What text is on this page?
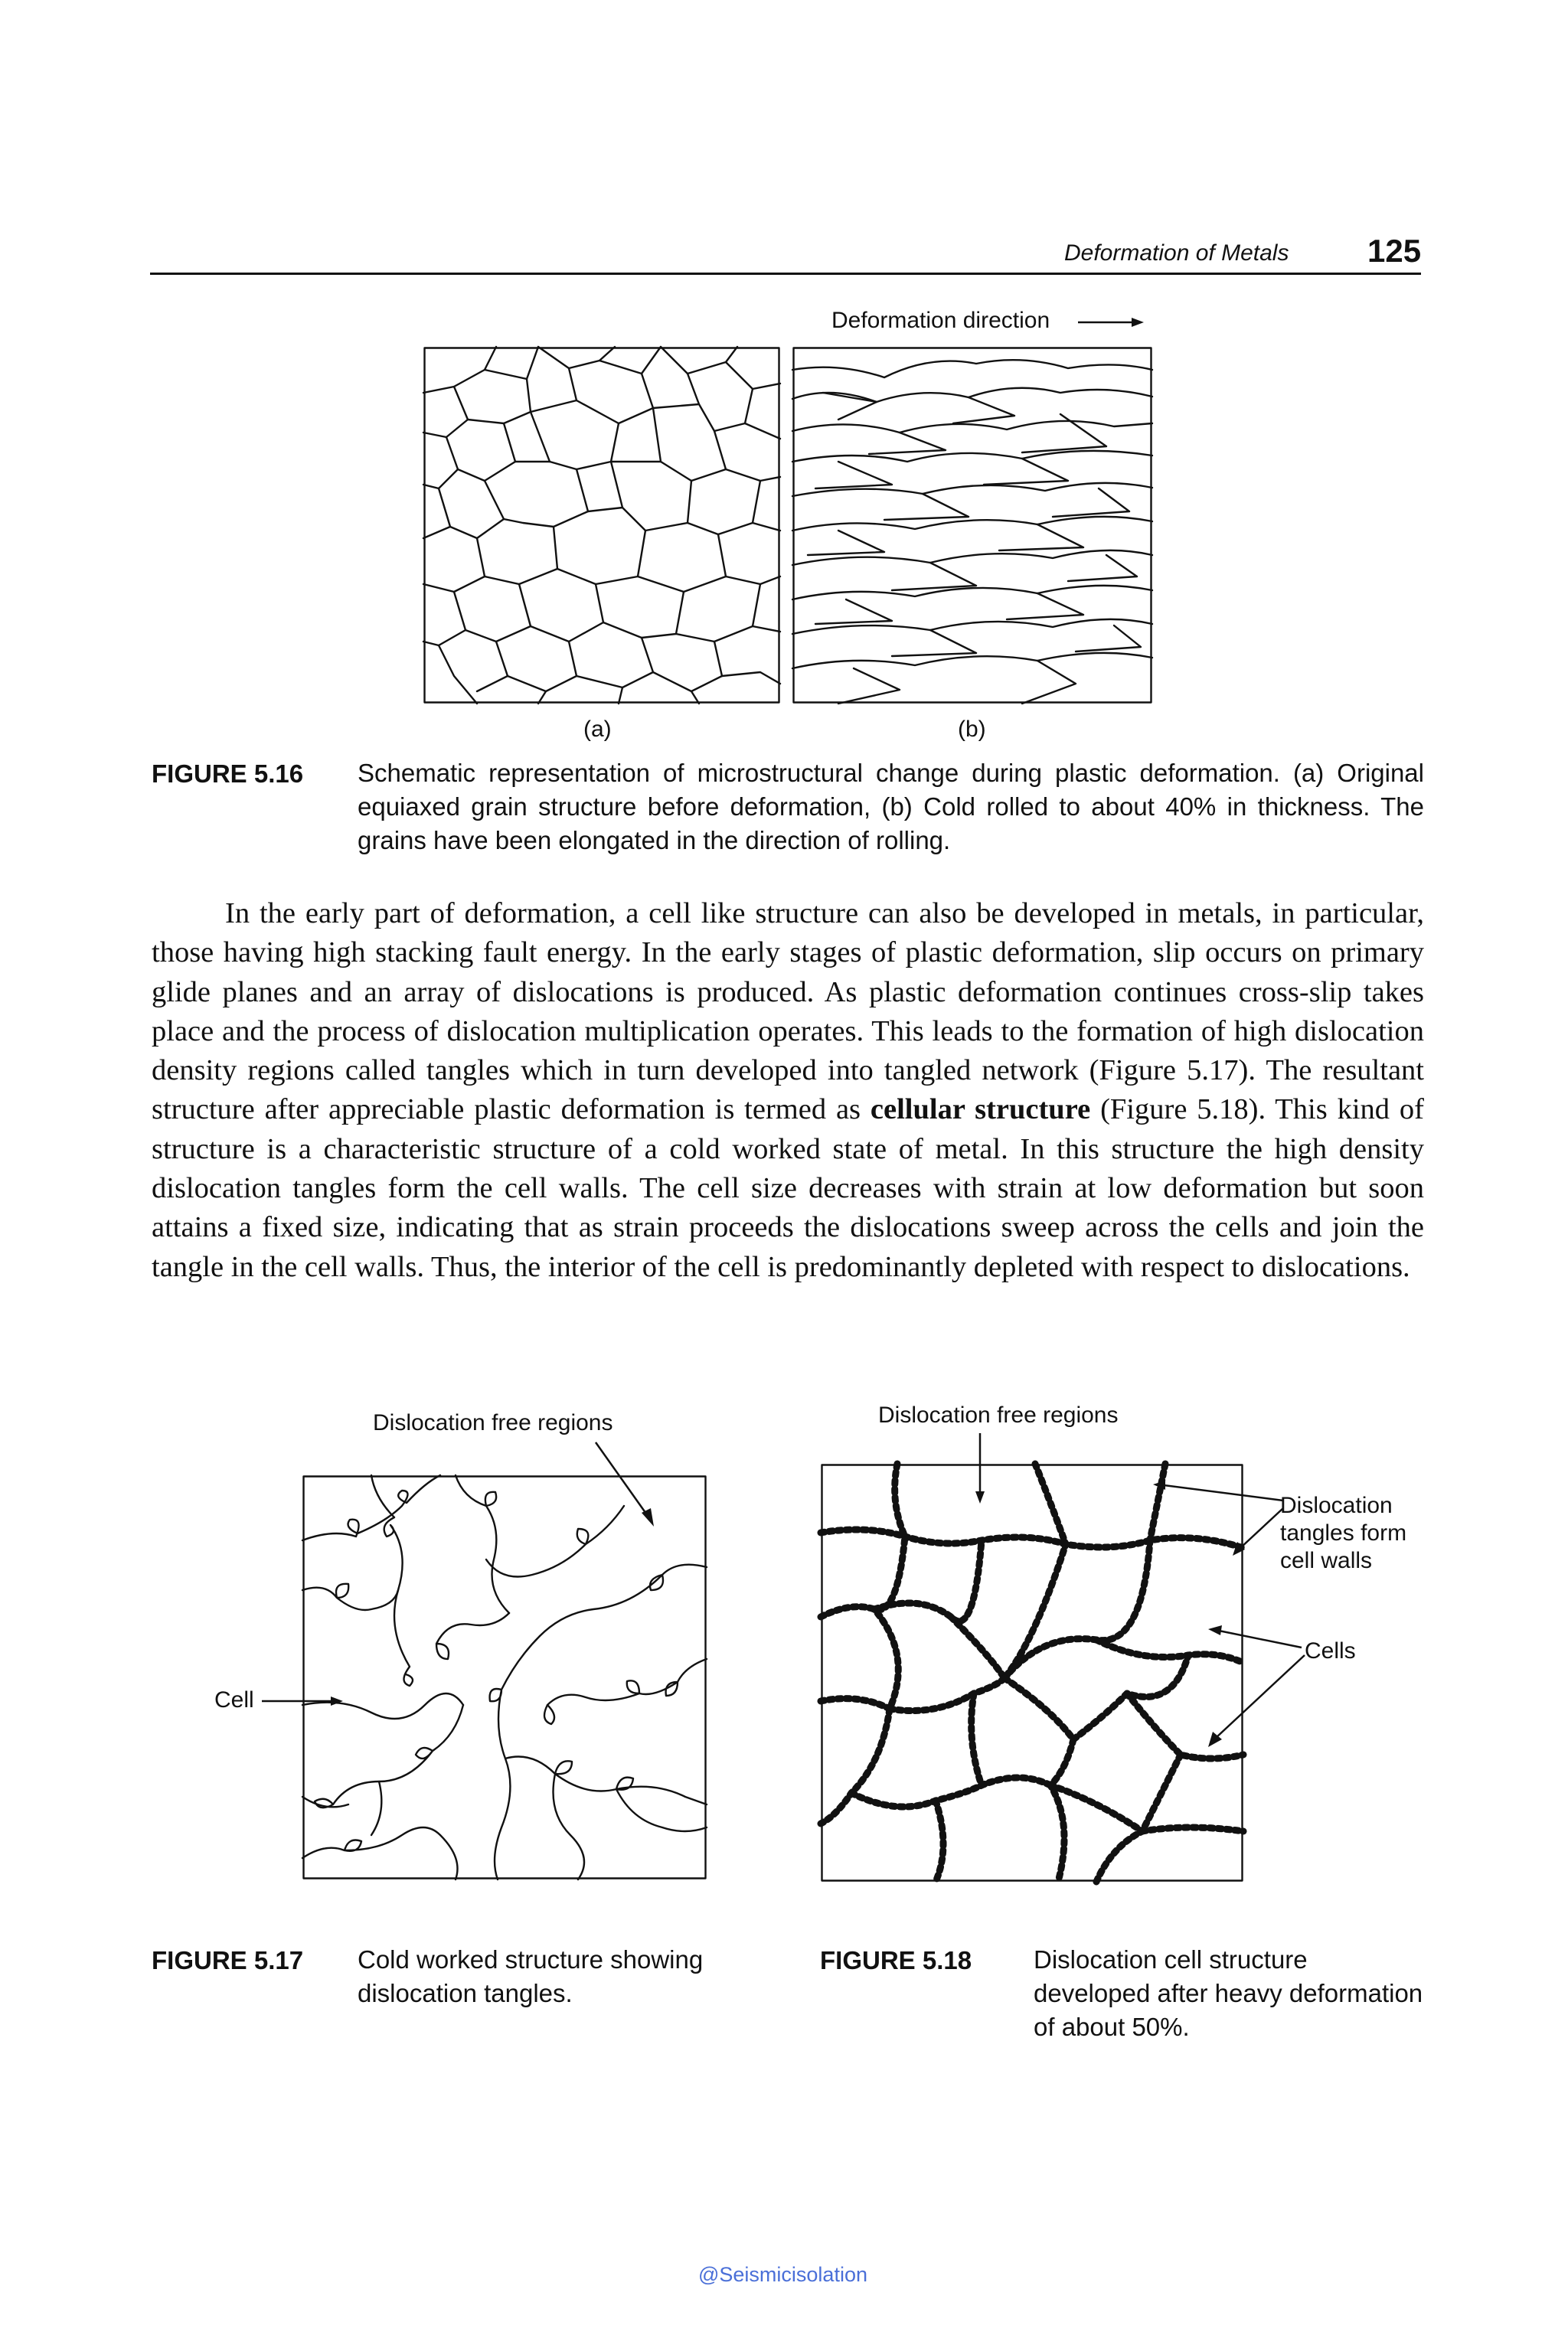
Deformation of Metals 125
Deformation direction
(a)	(b)
FIGURE 5.16 Schematic representation of microstructural change during plastic deformation. (a) Original equiaxed grain structure before deformation, (b) Cold rolled to about 40% in thickness. The grains have been elongated in the direction of rolling.
In the early part of deformation, a cell like structure can also be developed in metals, in particular, those having high stacking fault energy. In the early stages of plastic deformation, slip occurs on primary glide planes and an array of dislocations is produced. As plastic deformation continues cross-slip takes place and the process of dislocation multiplication operates. This leads to the formation of high dislocation density regions called tangles which in turn developed into tangled network (Figure 5.17). The resultant structure after appreciable plastic deformation is termed as cellular structure (Figure 5.18). This kind of structure is a characteristic structure of a cold worked state of metal. In this structure the high density dislocation tangles form the cell walls. The cell size decreases with strain at low deformation but soon attains a fixed size, indicating that as strain proceeds the dislocations sweep across the cells and join the tangle in the cell walls. Thus, the interior of the cell is predominantly depleted with respect to dislocations.
Dislocation free regions
Cell
FIGURE 5.17 Cold worked structure showing dislocation tangles.
Dislocation free regions
Dislocation
tangles form
cell walls
Cells
FIGURE 5.18 Dislocation cell structure developed after heavy deformation of about 50%.
@Seismicisolation
